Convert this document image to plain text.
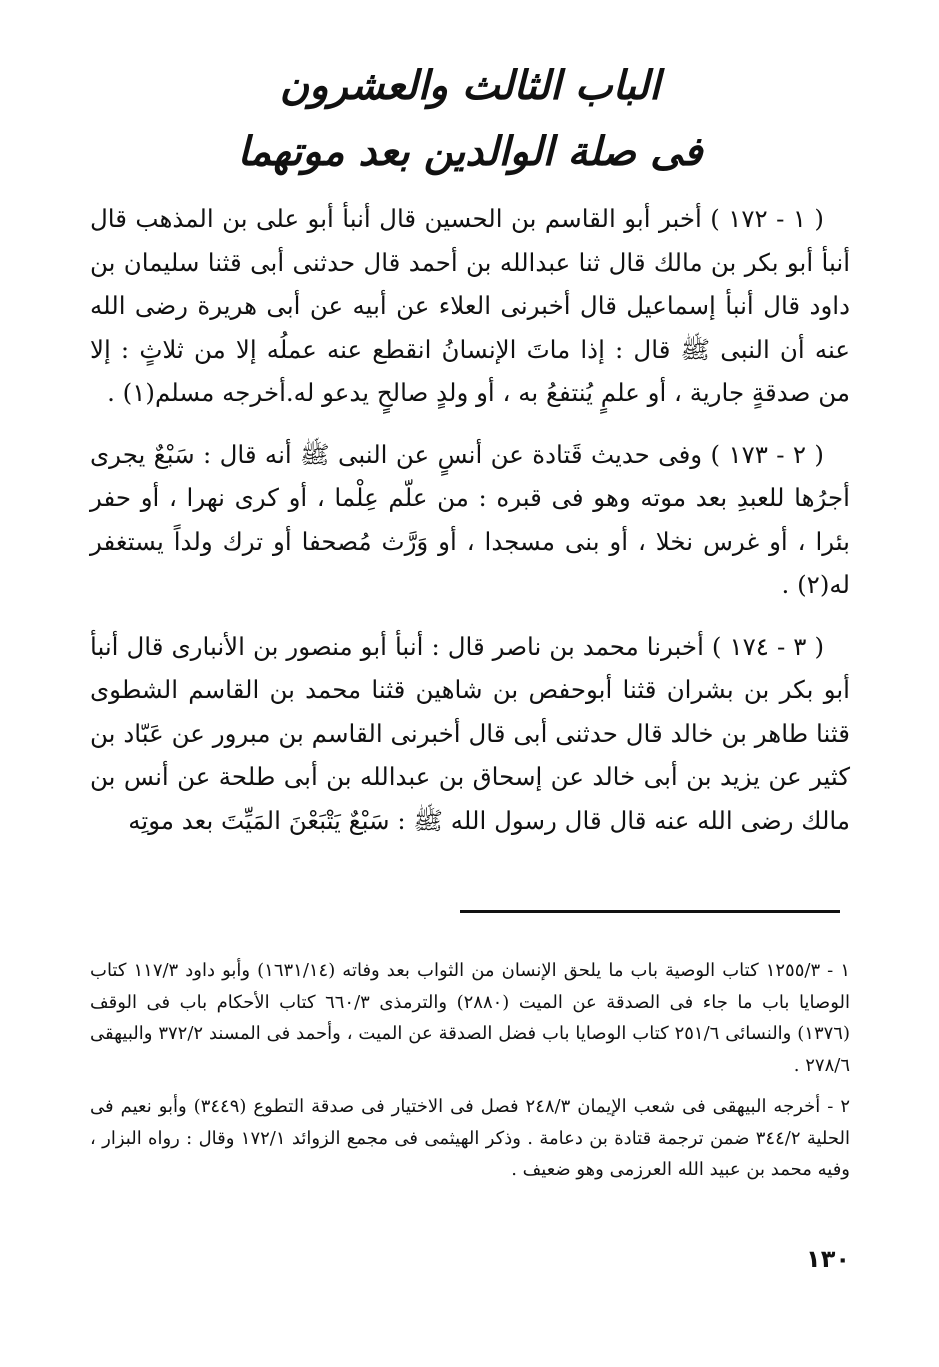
الباب الثالث والعشرون
فى صلة الوالدين بعد موتهما

( ١ - ١٧٢ ) أخبر أبو القاسم بن الحسين قال أنبأ أبو على بن المذهب قال أنبأ أبو بكر بن مالك قال ثنا عبدالله بن أحمد قال حدثنى أبى قثنا سليمان بن داود قال أنبأ إسماعيل قال أخبرنى العلاء عن أبيه عن أبى هريرة رضى الله عنه أن النبى ﷺ قال : إذا ماتَ الإنسانُ انقطع عنه عملُه إلا من ثلاثٍ : إلا من صدقةٍ جارية ، أو علمٍ يُنتفعُ به ، أو ولدٍ صالحٍ يدعو له.أخرجه مسلم(١) .

( ٢ - ١٧٣ ) وفى حديث قَتادة عن أنسٍ عن النبى ﷺ أنه قال : سَبْعٌ يجرى أجرُها للعبدِ بعد موته وهو فى قبره : من علّم عِلْما ، أو كرى نهرا ، أو حفر بئرا ، أو غرس نخلا ، أو بنى مسجدا ، أو وَرَّث مُصحفا أو ترك ولداً يستغفر له(٢) .

( ٣ - ١٧٤ ) أخبرنا محمد بن ناصر قال : أنبأ أبو منصور بن الأنبارى قال أنبأ أبو بكر بن بشران قثنا أبوحفص بن شاهين قثنا محمد بن القاسم الشطوى قثنا طاهر بن خالد قال حدثنى أبى قال أخبرنى القاسم بن مبرور عن عَبّاد بن كثير عن يزيد بن أبى خالد عن إسحاق بن عبدالله بن أبى طلحة عن أنس بن مالك رضى الله عنه قال قال رسول الله ﷺ : سَبْعٌ يَتْبَعْنَ المَيِّتَ بعد موتِه

١ - ١٢٥٥/٣ كتاب الوصية باب ما يلحق الإنسان من الثواب بعد وفاته (١٦٣١/١٤) وأبو داود ١١٧/٣ كتاب الوصايا باب ما جاء فى الصدقة عن الميت (٢٨٨٠) والترمذى ٦٦٠/٣ كتاب الأحكام باب فى الوقف (١٣٧٦) والنسائى ٢٥١/٦ كتاب الوصايا باب فضل الصدقة عن الميت ، وأحمد فى المسند ٣٧٢/٢ والبيهقى ٢٧٨/٦ .

٢ - أخرجه البيهقى فى شعب الإيمان ٢٤٨/٣ فصل فى الاختيار فى صدقة التطوع (٣٤٤٩) وأبو نعيم فى الحلية ٣٤٤/٢ ضمن ترجمة قتادة بن دعامة . وذكر الهيثمى فى مجمع الزوائد ١٧٢/١ وقال : رواه البزار ، وفيه محمد بن عبيد الله العرزمى وهو ضعيف .

١٣٠
